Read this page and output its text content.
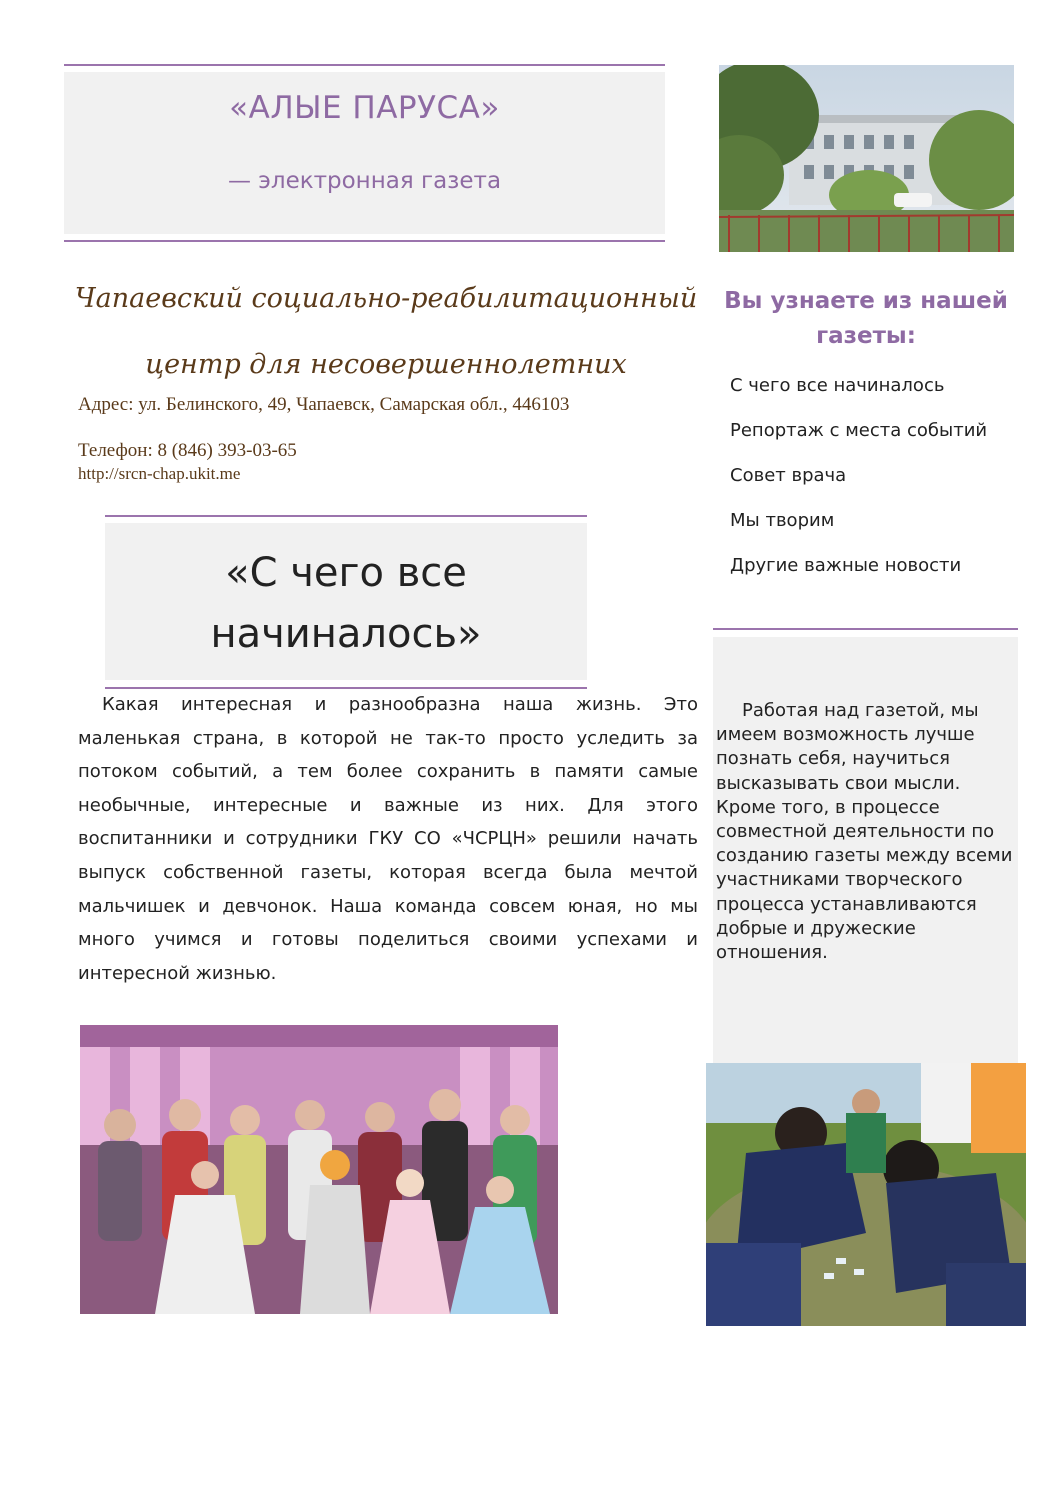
«АЛЫЕ ПАРУСА»
— электронная газета
Чапаевский социально-реабилитационный
центр для несовершеннолетних
Адрес: ул. Белинского, 49, Чапаевск, Самарская обл., 446103
Телефон: 8 (846) 393-03-65
http://srcn-chap.ukit.me
«С чего все
начиналось»

Какая интересная и разнообразна наша жизнь. Это маленькая страна, в которой не так-то просто уследить за потоком событий, а тем более сохранить в памяти самые необычные, интересные и важные из них. Для этого воспитанники и сотрудники ГКУ СО «ЧСРЦН» решили начать выпуск собственной газеты, которая всегда была мечтой мальчишек и девчонок. Наша команда совсем юная, но мы много учимся и готовы поделиться своими успехами и интересной жизнью.

Вы узнаете из нашей газеты:
С чего все начиналось
Репортаж с места событий
Совет врача
Мы творим
Другие важные новости

Работая над газетой, мы имеем возможность лучше познать себя, научиться высказывать свои мысли. Кроме того, в процессе совместной деятельности по созданию газеты между всеми участниками творческого процесса устанавливаются добрые и дружеские отношения.
